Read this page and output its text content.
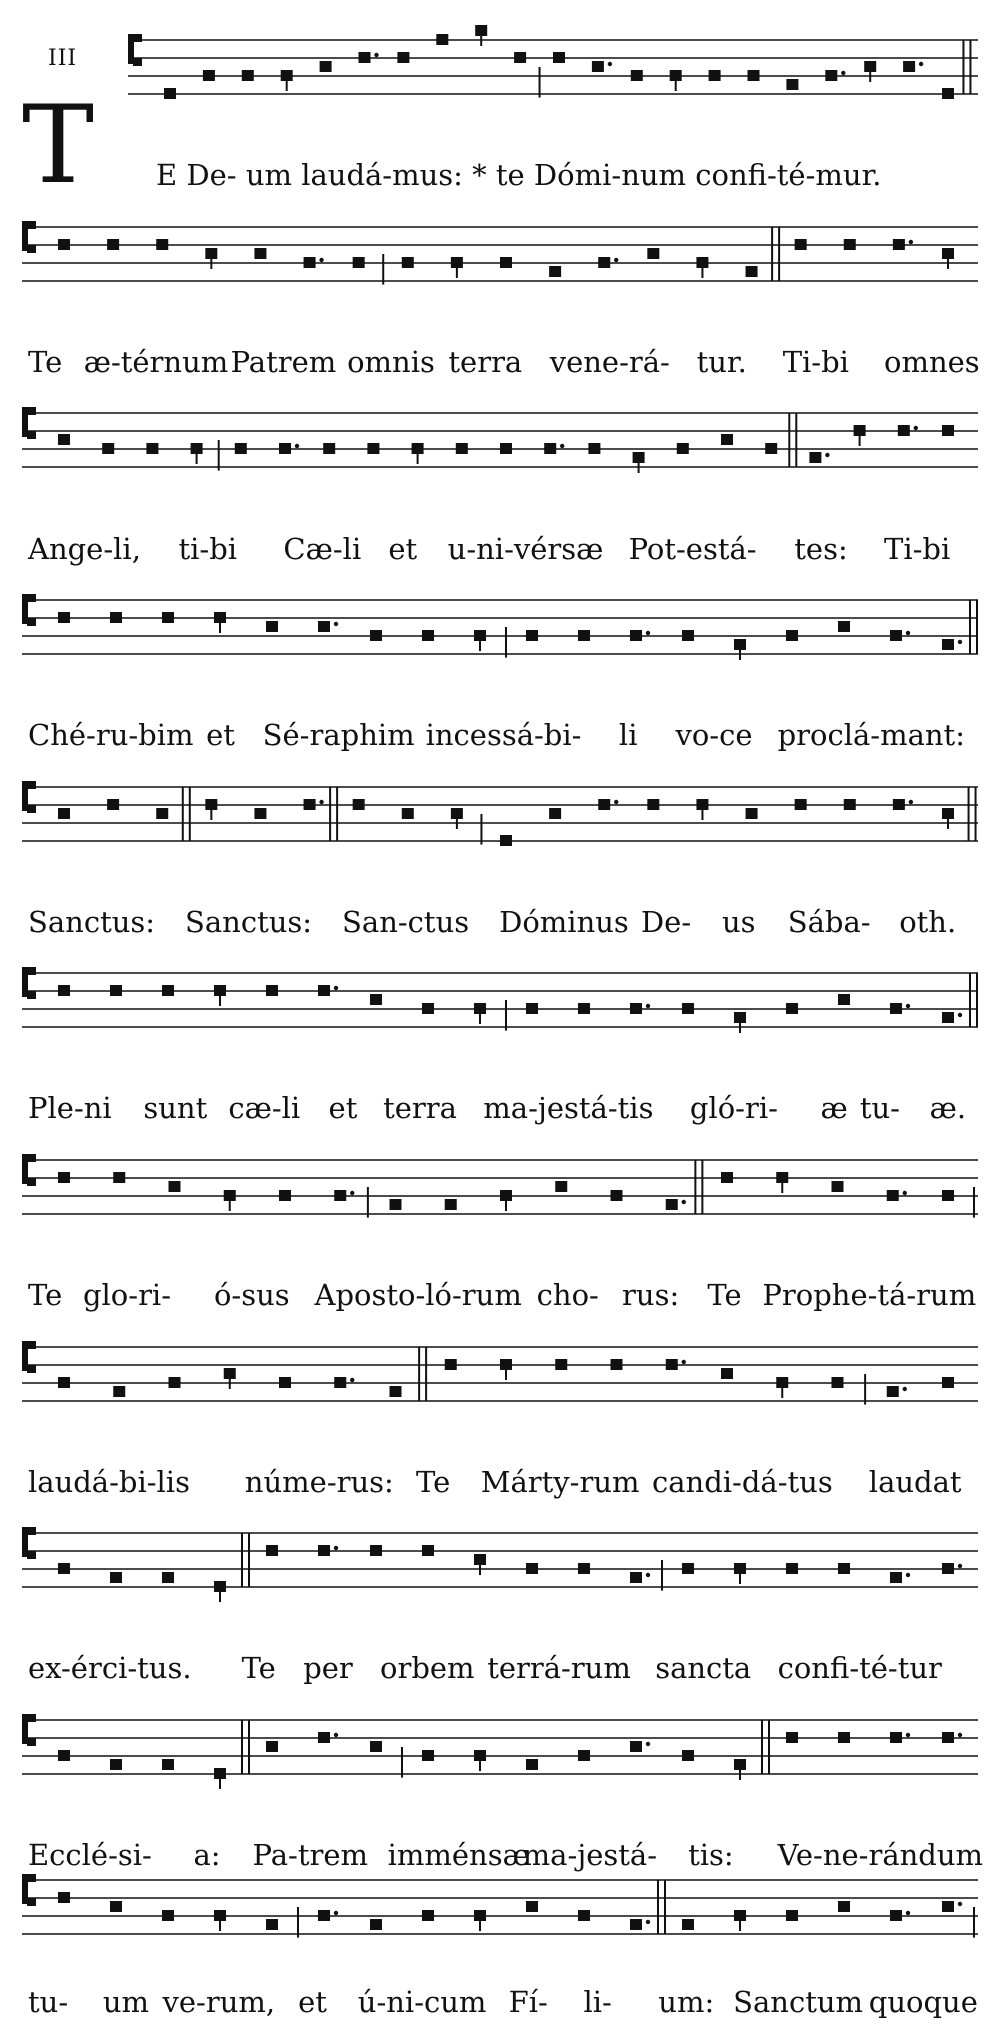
III
T E De- um laudá-mus: * te Dómi-num confi-té-mur.
Te æ-térnum Patrem omnis terra vene-rá- tur. Ti-bi omnes
Ange-li, ti-bi Cæ-li et u-ni-vérsæ Pot-está- tes: Ti-bi
Ché-ru-bim et Sé-raphim incessá-bi- li vo-ce proclá-mant:
Sanctus: Sanctus: San-ctus Dóminus De- us Sába- oth.
Ple-ni sunt cæ-li et terra ma-jestá-tis gló-ri- æ tu- æ.
Te glo-ri- ó-sus Aposto-ló-rum cho- rus: Te Prophe-tá-rum
laudá-bi-lis núme-rus: Te Márty-rum candi-dá-tus laudat
ex-érci-tus. Te per orbem terrá-rum sancta confi-té-tur
Ecclé-si- a: Pa-trem imménsæ
ma-jestá- tis: Ve-ne-rándum
tu- um ve-rum, et ú-ni-cum Fí- li- um: Sanctum quoque
